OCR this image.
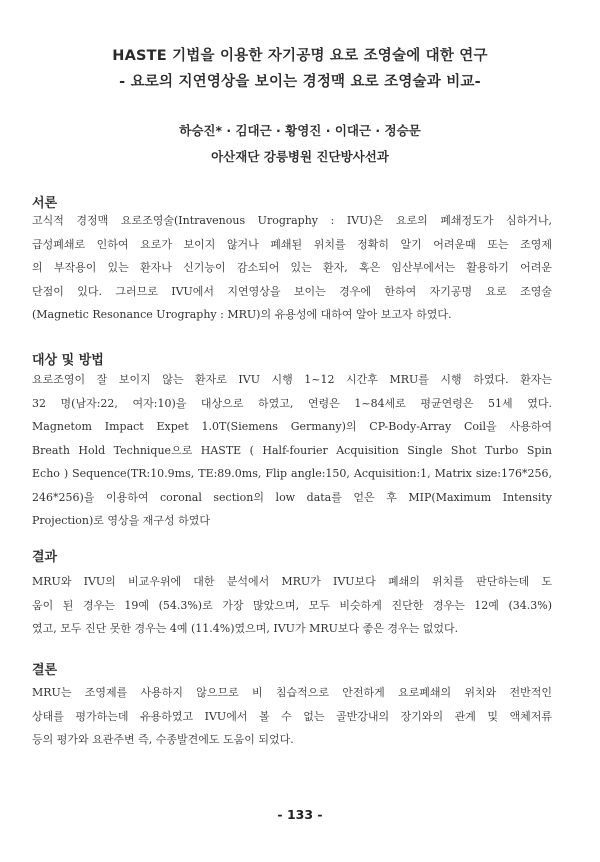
HASTE 기법을 이용한 자기공명 요로 조영술에 대한 연구
- 요로의 지연영상을 보이는 경정맥 요로 조영술과 비교-
하승진* · 김대근 · 황영진 · 이대근 · 정승문
아산재단 강릉병원 진단방사선과
서론
고식적 경정맥 요로조영술(Intravenous Urography : IVU)은 요로의 폐쇄정도가 심하거나,
급성폐쇄로 인하여 요로가 보이지 않거나 폐쇄된 위치를 정확히 알기 어려운때 또는 조영제
의 부작용이 있는 환자나 신기능이 감소되어 있는 환자, 혹은 임산부에서는 활용하기 어려운
단점이 있다. 그러므로 IVU에서 지연영상을 보이는 경우에 한하여 자기공명 요로 조영술
(Magnetic Resonance Urography : MRU)의 유용성에 대하여 알아 보고자 하였다.
대상 및 방법
요로조영이 잘 보이지 않는 환자로 IVU 시행 1~12 시간후 MRU를 시행 하였다. 환자는
32 명(남자:22, 여자:10)을 대상으로 하였고, 연령은 1~84세로 평균연령은 51세 였다.
Magnetom Impact Expet 1.0T(Siemens Germany)의 CP-Body-Array Coil을 사용하여
Breath Hold Technique으로 HASTE ( Half-fourier Acquisition Single Shot Turbo Spin
Echo ) Sequence(TR:10.9ms, TE:89.0ms, Flip angle:150, Acquisition:1, Matrix size:176*256,
246*256)을 이용하여 coronal section의 low data를 얻은 후 MIP(Maximum Intensity
Projection)로 영상을 재구성 하였다
결과
MRU와 IVU의 비교우위에 대한 분석에서 MRU가 IVU보다 폐쇄의 위치를 판단하는데 도
움이 된 경우는 19예 (54.3%)로 가장 많았으며, 모두 비슷하게 진단한 경우는 12예 (34.3%)
였고, 모두 진단 못한 경우는 4예 (11.4%)였으며, IVU가 MRU보다 좋은 경우는 없었다.
결론
MRU는 조영제를 사용하지 않으므로 비 침습적으로 안전하게 요로폐쇄의 위치와 전반적인
상태를 평가하는데 유용하였고 IVU에서 볼 수 없는 골반강내의 장기와의 관계 및 액체저류
등의 평가와 요관주변 즉, 수종발견에도 도움이 되었다.
- 133 -
